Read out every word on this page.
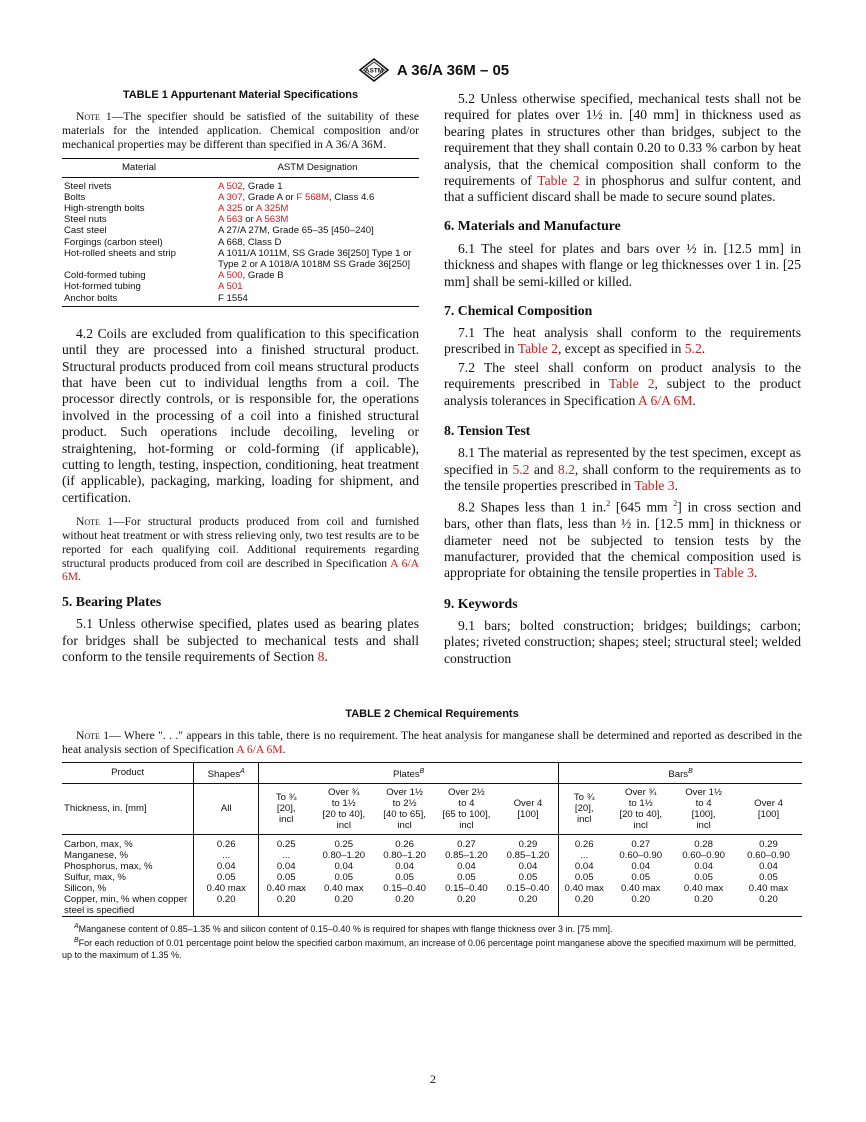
ASTM A 36/A 36M – 05
TABLE 1 Appurtenant Material Specifications
Note 1—The specifier should be satisfied of the suitability of these materials for the intended application. Chemical composition and/or mechanical properties may be different than specified in A 36/A 36M.
Material	ASTM Designation
Steel rivets	A 502, Grade 1
Bolts	A 307, Grade A or F 568M, Class 4.6
High-strength bolts	A 325 or A 325M
Steel nuts	A 563 or A 563M
Cast steel	A 27/A 27M, Grade 65–35 [450–240]
Forgings (carbon steel)	A 668, Class D
Hot-rolled sheets and strip	A 1011/A 1011M, SS Grade 36[250] Type 1 or Type 2 or A 1018/A 1018M SS Grade 36[250]
Cold-formed tubing	A 500, Grade B
Hot-formed tubing	A 501
Anchor bolts	F 1554

4.2 Coils are excluded from qualification to this specification until they are processed into a finished structural product. Structural products produced from coil means structural products that have been cut to individual lengths from a coil. The processor directly controls, or is responsible for, the operations involved in the processing of a coil into a finished structural product. Such operations include decoiling, leveling or straightening, hot-forming or cold-forming (if applicable), cutting to length, testing, inspection, conditioning, heat treatment (if applicable), packaging, marking, loading for shipment, and certification.

Note 1—For structural products produced from coil and furnished without heat treatment or with stress relieving only, two test results are to be reported for each qualifying coil. Additional requirements regarding structural products produced from coil are described in Specification A 6/A 6M.

5. Bearing Plates

5.1 Unless otherwise specified, plates used as bearing plates for bridges shall be subjected to mechanical tests and shall conform to the tensile requirements of Section 8.

5.2 Unless otherwise specified, mechanical tests shall not be required for plates over 1½ in. [40 mm] in thickness used as bearing plates in structures other than bridges, subject to the requirement that they shall contain 0.20 to 0.33 % carbon by heat analysis, that the chemical composition shall conform to the requirements of Table 2 in phosphorus and sulfur content, and that a sufficient discard shall be made to secure sound plates.

6. Materials and Manufacture

6.1 The steel for plates and bars over ½ in. [12.5 mm] in thickness and shapes with flange or leg thicknesses over 1 in. [25 mm] shall be semi-killed or killed.

7. Chemical Composition

7.1 The heat analysis shall conform to the requirements prescribed in Table 2, except as specified in 5.2.

7.2 The steel shall conform on product analysis to the requirements prescribed in Table 2, subject to the product analysis tolerances in Specification A 6/A 6M.

8. Tension Test

8.1 The material as represented by the test specimen, except as specified in 5.2 and 8.2, shall conform to the requirements as to the tensile properties prescribed in Table 3.

8.2 Shapes less than 1 in.$^2$ [645 mm $^2$] in cross section and bars, other than flats, less than ½ in. [12.5 mm] in thickness or diameter need not be subjected to tension tests by the manufacturer, provided that the chemical composition used is appropriate for obtaining the tensile properties in Table 3.

9. Keywords

9.1 bars; bolted construction; bridges; buildings; carbon; plates; riveted construction; shapes; steel; structural steel; welded construction

TABLE 2 Chemical Requirements
Note 1— Where ". . ." appears in this table, there is no requirement. The heat analysis for manganese shall be determined and reported as described in the heat analysis section of Specification A 6/A 6M.
Product	Shapes$^A$	Plates$^B$					Bars$^B$
Thickness, in. [mm]	All	To ¾
[20],
incl	Over ¾
to 1½
[20 to 40],
incl	Over 1½
to 2½
[40 to 65],
incl	Over 2½
to 4
[65 to 100],
incl	Over 4
[100]	To ¾
[20],
incl	Over ¾
to 1½
[20 to 40],
incl	Over 1½
to 4
[100],
incl	Over 4
[100]
Carbon, max, %	0.26	0.25	0.25	0.26	0.27	0.29	0.26	0.27	0.28	0.29
Manganese, %	...	...	0.80–1.20	0.80–1.20	0.85–1.20	0.85–1.20	...	0.60–0.90	0.60–0.90	0.60–0.90
Phosphorus, max, %	0.04	0.04	0.04	0.04	0.04	0.04	0.04	0.04	0.04	0.04
Sulfur, max, %	0.05	0.05	0.05	0.05	0.05	0.05	0.05	0.05	0.05	0.05
Silicon, %	0.40 max	0.40 max	0.40 max	0.15–0.40	0.15–0.40	0.15–0.40	0.40 max	0.40 max	0.40 max	0.40 max
Copper, min, % when copper steel is specified	0.20	0.20	0.20	0.20	0.20	0.20	0.20	0.20	0.20	0.20
$^A$Manganese content of 0.85–1.35 % and silicon content of 0.15–0.40 % is required for shapes with flange thickness over 3 in. [75 mm].
$^B$For each reduction of 0.01 percentage point below the specified carbon maximum, an increase of 0.06 percentage point manganese above the specified maximum will be permitted, up to the maximum of 1.35 %.
2
